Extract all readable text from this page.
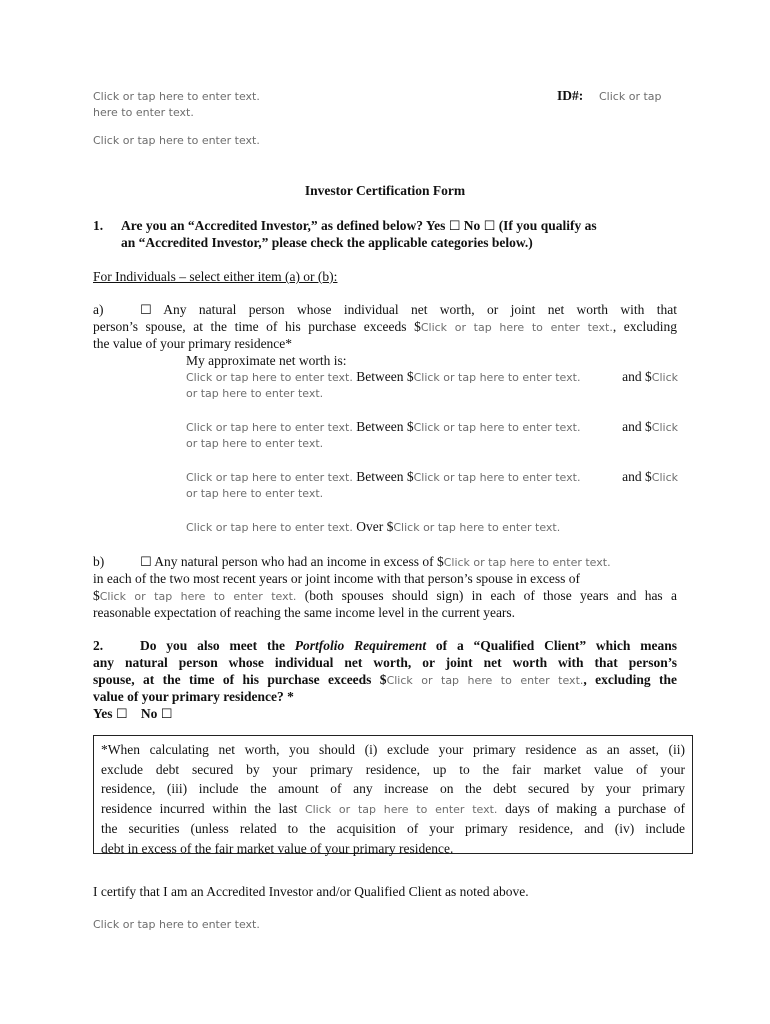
Click or tap here to enter text.	ID#: Click or tap
here to enter text.
Click or tap here to enter text.
Investor Certification Form
1. Are you an “Accredited Investor,” as defined below? Yes ☐ No ☐ (If you qualify as
an “Accredited Investor,” please check the applicable categories below.)
For Individuals – select either item (a) or (b):
a)	☐ Any natural person whose individual net worth, or joint net worth with that
person’s spouse, at the time of his purchase exceeds $Click or tap here to enter text., excluding
the value of your primary residence*
My approximate net worth is:
Click or tap here to enter text. Between $Click or tap here to enter text.	and $Click
or tap here to enter text.
Click or tap here to enter text. Between $Click or tap here to enter text.	and $Click
or tap here to enter text.
Click or tap here to enter text. Between $Click or tap here to enter text.	and $Click
or tap here to enter text.
Click or tap here to enter text. Over $Click or tap here to enter text.
b)	☐ Any natural person who had an income in excess of $Click or tap here to enter text.
in each of the two most recent years or joint income with that person’s spouse in excess of
$Click or tap here to enter text. (both spouses should sign) in each of those years and has a
reasonable expectation of reaching the same income level in the current years.
2.	Do you also meet the Portfolio Requirement of a “Qualified Client” which means
any natural person whose individual net worth, or joint net worth with that person’s
spouse, at the time of his purchase exceeds $Click or tap here to enter text., excluding the
value of your primary residence? *
Yes ☐ No ☐
*When calculating net worth, you should (i) exclude your primary residence as an asset, (ii)
exclude debt secured by your primary residence, up to the fair market value of your
residence, (iii) include the amount of any increase on the debt secured by your primary
residence incurred within the last Click or tap here to enter text. days of making a purchase of
the securities (unless related to the acquisition of your primary residence, and (iv) include
debt in excess of the fair market value of your primary residence.
I certify that I am an Accredited Investor and/or Qualified Client as noted above.
Click or tap here to enter text.
